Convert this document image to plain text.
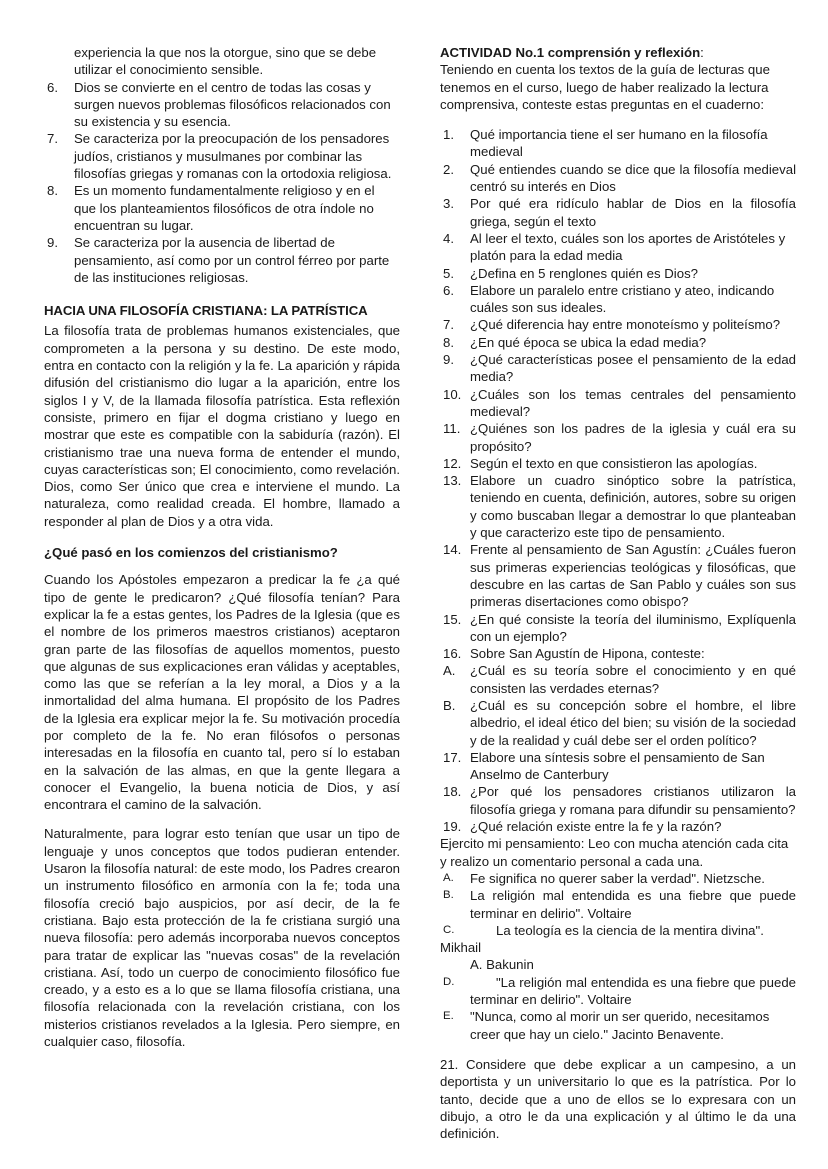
experiencia la que nos la otorgue, sino que se debe utilizar el conocimiento sensible.

6.	Dios se convierte en el centro de todas las cosas y surgen nuevos problemas filosóficos relacionados con su existencia y su esencia.
7.	Se caracteriza por la preocupación de los pensadores judíos, cristianos y musulmanes por combinar las filosofías griegas y romanas con la ortodoxia religiosa.
8.	Es un momento fundamentalmente religioso y en el que los planteamientos filosóficos de otra índole no encuentran su lugar.
9.	Se caracteriza por la ausencia de libertad de pensamiento, así como por un control férreo por parte de las instituciones religiosas.
HACIA UNA FILOSOFÍA CRISTIANA: LA PATRÍSTICA

La filosofía trata de problemas humanos existenciales, que comprometen a la persona y su destino. De este modo, entra en contacto con la religión y la fe. La aparición y rápida difusión del cristianismo dio lugar a la aparición, entre los siglos I y V, de la llamada filosofía patrística. Esta reflexión consiste, primero en fijar el dogma cristiano y luego en mostrar que este es compatible con la sabiduría (razón). El cristianismo trae una nueva forma de entender el mundo, cuyas características son; El conocimiento, como revelación. Dios, como Ser único que crea e interviene el mundo. La naturaleza, como realidad creada. El hombre, llamado a responder al plan de Dios y a otra vida.

¿Qué pasó en los comienzos del cristianismo?

Cuando los Apóstoles empezaron a predicar la fe ¿a qué tipo de gente le predicaron? ¿Qué filosofía tenían? Para explicar la fe a estas gentes, los Padres de la Iglesia (que es el nombre de los primeros maestros cristianos) aceptaron gran parte de las filosofías de aquellos momentos, puesto que algunas de sus explicaciones eran válidas y aceptables, como las que se referían a la ley moral, a Dios y a la inmortalidad del alma humana. El propósito de los Padres de la Iglesia era explicar mejor la fe. Su motivación procedía por completo de la fe. No eran filósofos o personas interesadas en la filosofía en cuanto tal, pero sí lo estaban en la salvación de las almas, en que la gente llegara a conocer el Evangelio, la buena noticia de Dios, y así encontrara el camino de la salvación.

Naturalmente, para lograr esto tenían que usar un tipo de lenguaje y unos conceptos que todos pudieran entender. Usaron la filosofía natural: de este modo, los Padres crearon un instrumento filosófico en armonía con la fe; toda una filosofía creció bajo auspicios, por así decir, de la fe cristiana. Bajo esta protección de la fe cristiana surgió una nueva filosofía: pero además incorporaba nuevos conceptos para tratar de explicar las "nuevas cosas" de la revelación cristiana. Así, todo un cuerpo de conocimiento filosófico fue creado, y a esto es a lo que se llama filosofía cristiana, una filosofía relacionada con la revelación cristiana, con los misterios cristianos revelados a la Iglesia. Pero siempre, en cualquier caso, filosofía.

ACTIVIDAD No.1 comprensión y reflexión:

Teniendo en cuenta los textos de la guía de lecturas que tenemos en el curso, luego de haber realizado la lectura comprensiva, conteste estas preguntas en el cuaderno:

1.	Qué importancia tiene el ser humano en la filosofía medieval
2.	Qué entiendes cuando se dice que la filosofía medieval centró su interés en Dios
3.	Por qué era ridículo hablar de Dios en la filosofía griega, según el texto
4.	Al leer el texto, cuáles son los aportes de Aristóteles y platón para la edad media
5.	¿Defina en 5 renglones quién es Dios?
6.	Elabore un paralelo entre cristiano y ateo, indicando cuáles son sus ideales.
7.	¿Qué diferencia hay entre monoteísmo y politeísmo?
8.	¿En qué época se ubica la edad media?
9.	¿Qué características posee el pensamiento de la edad media?
10. ¿Cuáles son los temas centrales del pensamiento medieval?
11. ¿Quiénes son los padres de la iglesia y cuál era su propósito?
12. Según el texto en que consistieron las apologías.
13. Elabore un cuadro sinóptico sobre la patrística, teniendo en cuenta, definición, autores, sobre su origen y como buscaban llegar a demostrar lo que planteaban y que caracterizo este tipo de pensamiento.
14. Frente al pensamiento de San Agustín: ¿Cuáles fueron sus primeras experiencias teológicas y filosóficas, que descubre en las cartas de San Pablo y cuáles son sus primeras disertaciones como obispo?
15. ¿En qué consiste la teoría del iluminismo, Explíquenla con un ejemplo?
16. Sobre San Agustín de Hipona, conteste:
A.	¿Cuál es su teoría sobre el conocimiento y en qué consisten las verdades eternas?
B.	¿Cuál es su concepción sobre el hombre, el libre albedrio, el ideal ético del bien; su visión de la sociedad y de la realidad y cuál debe ser el orden político?
17. Elabore una síntesis sobre el pensamiento de San Anselmo de Canterbury
18. ¿Por qué los pensadores cristianos utilizaron la filosofía griega y romana para difundir su pensamiento?
19. ¿Qué relación existe entre la fe y la razón?

Ejercito mi pensamiento: Leo con mucha atención cada cita y realizo un comentario personal a cada una.

A.	Fe significa no querer saber la verdad". Nietzsche.
B.	La religión mal entendida es una fiebre que puede terminar en delirio". Voltaire
C.	La teología es la ciencia de la mentira divina".
Mikhail
A. Bakunin
D.	"La religión mal entendida es una fiebre que puede terminar en delirio". Voltaire
E.	"Nunca, como al morir un ser querido, necesitamos creer que hay un cielo." Jacinto Benavente.

21. Considere que debe explicar a un campesino, a un deportista y un universitario lo que es la patrística. Por lo tanto, decide que a uno de ellos se lo expresara con un dibujo, a otro le da una explicación y al último le da una definición.
